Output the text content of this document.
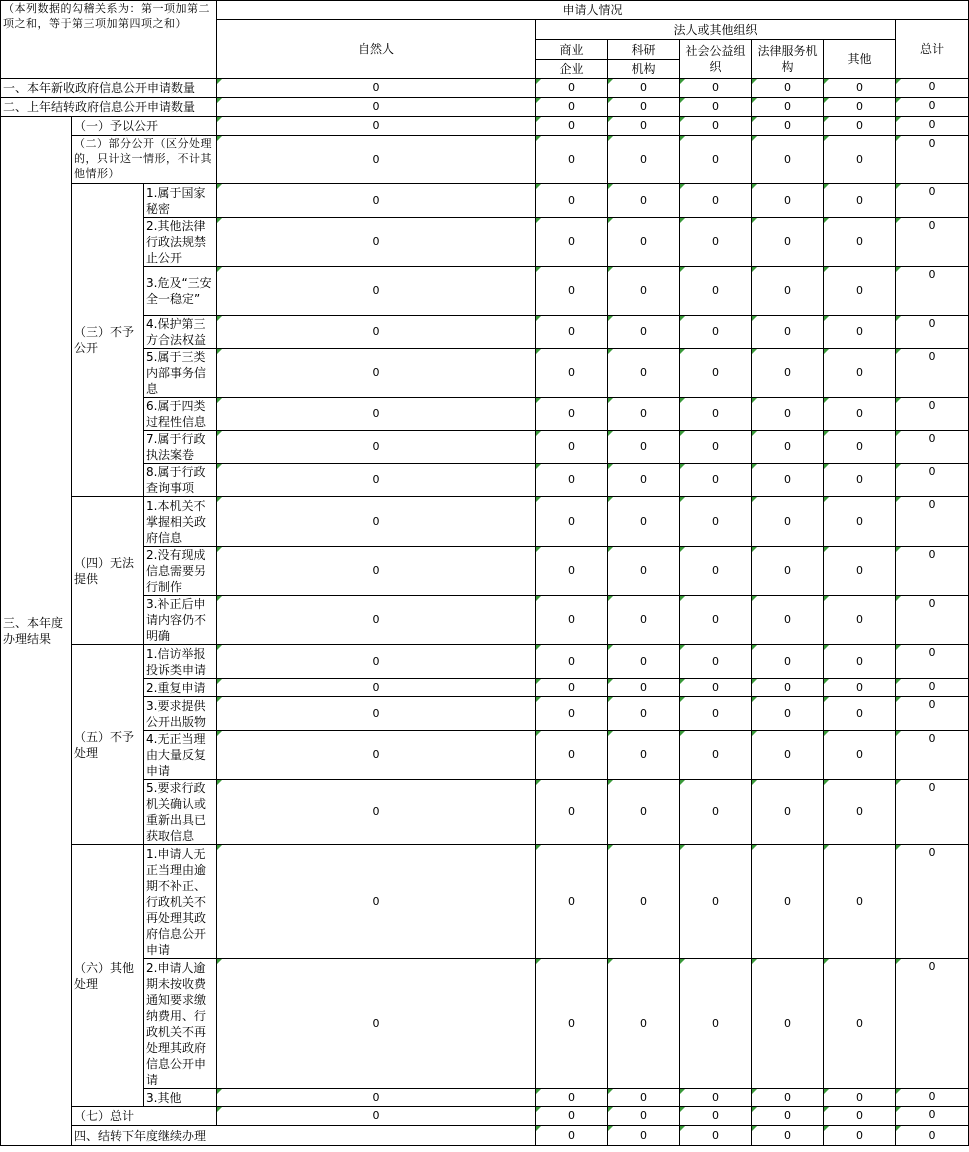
（本列数据的勾稽关系为：第一项加第二项之和，等于第三项加第四项之和）			申请人情况							
			自然人	法人或其他组织					总计	
				商业	科研	社会公益组织	法律服务机构	其他		
				企业	机构					
一、本年新收政府信息公开申请数量			0	0	0	0	0	0	0	
二、上年结转政府信息公开申请数量			0	0	0	0	0	0	0	
三、本年度办理结果	（一）予以公开		0	0	0	0	0	0	0	
	（二）部分公开（区分处理的，只计这一情形，不计其他情形）		0	0	0	0	0	0	0	
	（三）不予公开	1.属于国家秘密	0	0	0	0	0	0	0	
		2.其他法律行政法规禁止公开	0	0	0	0	0	0	0	
		3.危及“三安全一稳定”	0	0	0	0	0	0	0	
		4.保护第三方合法权益	0	0	0	0	0	0	0	
		5.属于三类内部事务信息	0	0	0	0	0	0	0	
		6.属于四类过程性信息	0	0	0	0	0	0	0	
		7.属于行政执法案卷	0	0	0	0	0	0	0	
		8.属于行政查询事项	0	0	0	0	0	0	0	
	（四）无法提供	1.本机关不掌握相关政府信息	0	0	0	0	0	0	0	
		2.没有现成信息需要另行制作	0	0	0	0	0	0	0	
		3.补正后申请内容仍不明确	0	0	0	0	0	0	0	
	（五）不予处理	1.信访举报投诉类申请	0	0	0	0	0	0	0	
		2.重复申请	0	0	0	0	0	0	0	
		3.要求提供公开出版物	0	0	0	0	0	0	0	
		4.无正当理由大量反复申请	0	0	0	0	0	0	0	
		5.要求行政机关确认或重新出具已获取信息	0	0	0	0	0	0	0	
	（六）其他处理	1.申请人无正当理由逾期不补正、行政机关不再处理其政府信息公开申请	0	0	0	0	0	0	0	
		2.申请人逾期未按收费通知要求缴纳费用、行政机关不再处理其政府信息公开申请	0	0	0	0	0	0	0	
		3.其他	0	0	0	0	0	0	0	
	（七）总计		0	0	0	0	0	0	0	
	四、结转下年度继续办理			0	0	0	0	0	0	
